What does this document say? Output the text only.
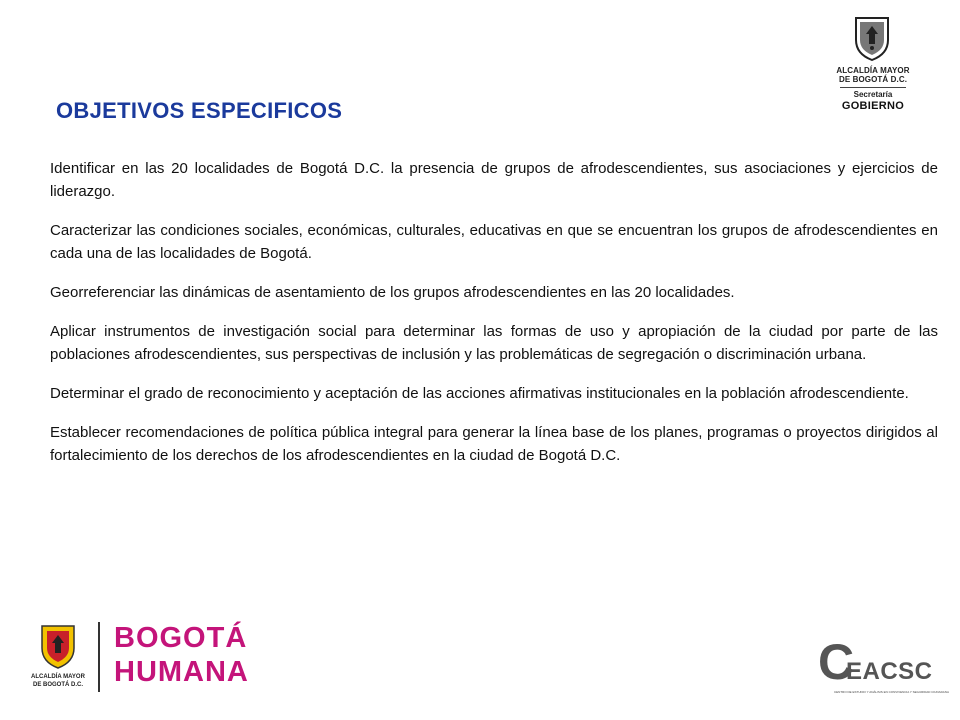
ALCALDÍA MAYOR
DE BOGOTÁ D.C.
Secretaría
GOBIERNO
OBJETIVOS ESPECIFICOS

Identificar en las 20 localidades de Bogotá D.C. la presencia de grupos de afrodescendientes, sus asociaciones y ejercicios de liderazgo.

Caracterizar las condiciones sociales, económicas, culturales, educativas en que se encuentran los grupos de afrodescendientes en cada una de las localidades de Bogotá.

Georreferenciar las dinámicas de asentamiento de los grupos afrodescendientes en las 20 localidades.

Aplicar instrumentos de investigación social para determinar las formas de uso y apropiación de la ciudad por parte de las poblaciones afrodescendientes, sus perspectivas de inclusión y las problemáticas de segregación o discriminación urbana.

Determinar el grado de reconocimiento y aceptación de las acciones afirmativas institucionales en la población afrodescendiente.

Establecer recomendaciones de política pública integral para generar la línea base de los planes, programas o proyectos dirigidos al fortalecimiento de los derechos de los afrodescendientes en la ciudad de Bogotá D.C.

ALCALDÍA MAYOR
DE BOGOTÁ D.C.
BOGOTÁ
HUMANA	C
EACSC
CENTRO DE ESTUDIO Y ANÁLISIS EN CONVIVENCIA Y SEGURIDAD CIUDADANA
